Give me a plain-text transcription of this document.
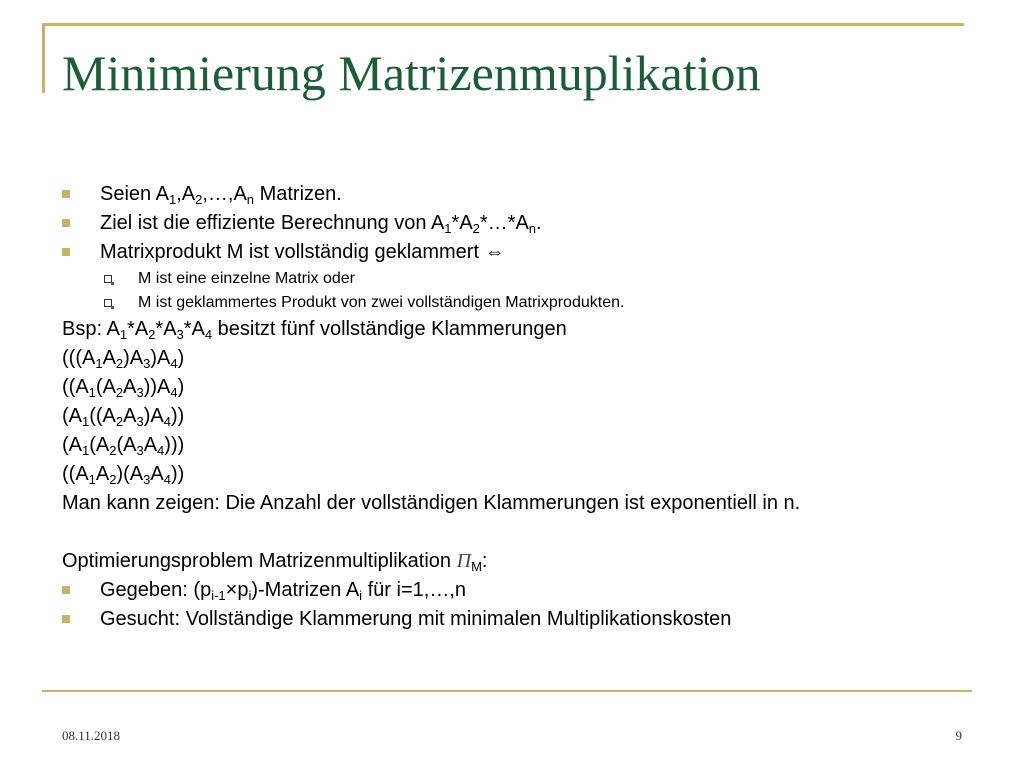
Minimierung Matrizenmuplikation
Seien $A_1,A_2,\dots,A_n$ Matrizen.
Ziel ist die effiziente Berechnung von $A_1*A_2*\dots*A_n$.
Matrixprodukt M ist vollständig geklammert ⇔
M ist eine einzelne Matrix oder
M ist geklammertes Produkt von zwei vollständigen Matrixprodukten.
Bsp: $A_1*A_2*A_3*A_4$ besitzt fünf vollständige Klammerungen
$(((A_1A_2)A_3)A_4)$
$((A_1(A_2A_3))A_4)$
$(A_1((A_2A_3)A_4))$
$(A_1(A_2(A_3A_4)))$
$((A_1A_2)(A_3A_4))$
Man kann zeigen: Die Anzahl der vollständigen Klammerungen ist exponentiell in n.
Optimierungsproblem Matrizenmultiplikation $\Pi_M$:
Gegeben: $(p_{i-1}\times p_i)$-Matrizen $A_i$ für i=1,…,n
Gesucht: Vollständige Klammerung mit minimalen Multiplikationskosten
08.11.2018	9
